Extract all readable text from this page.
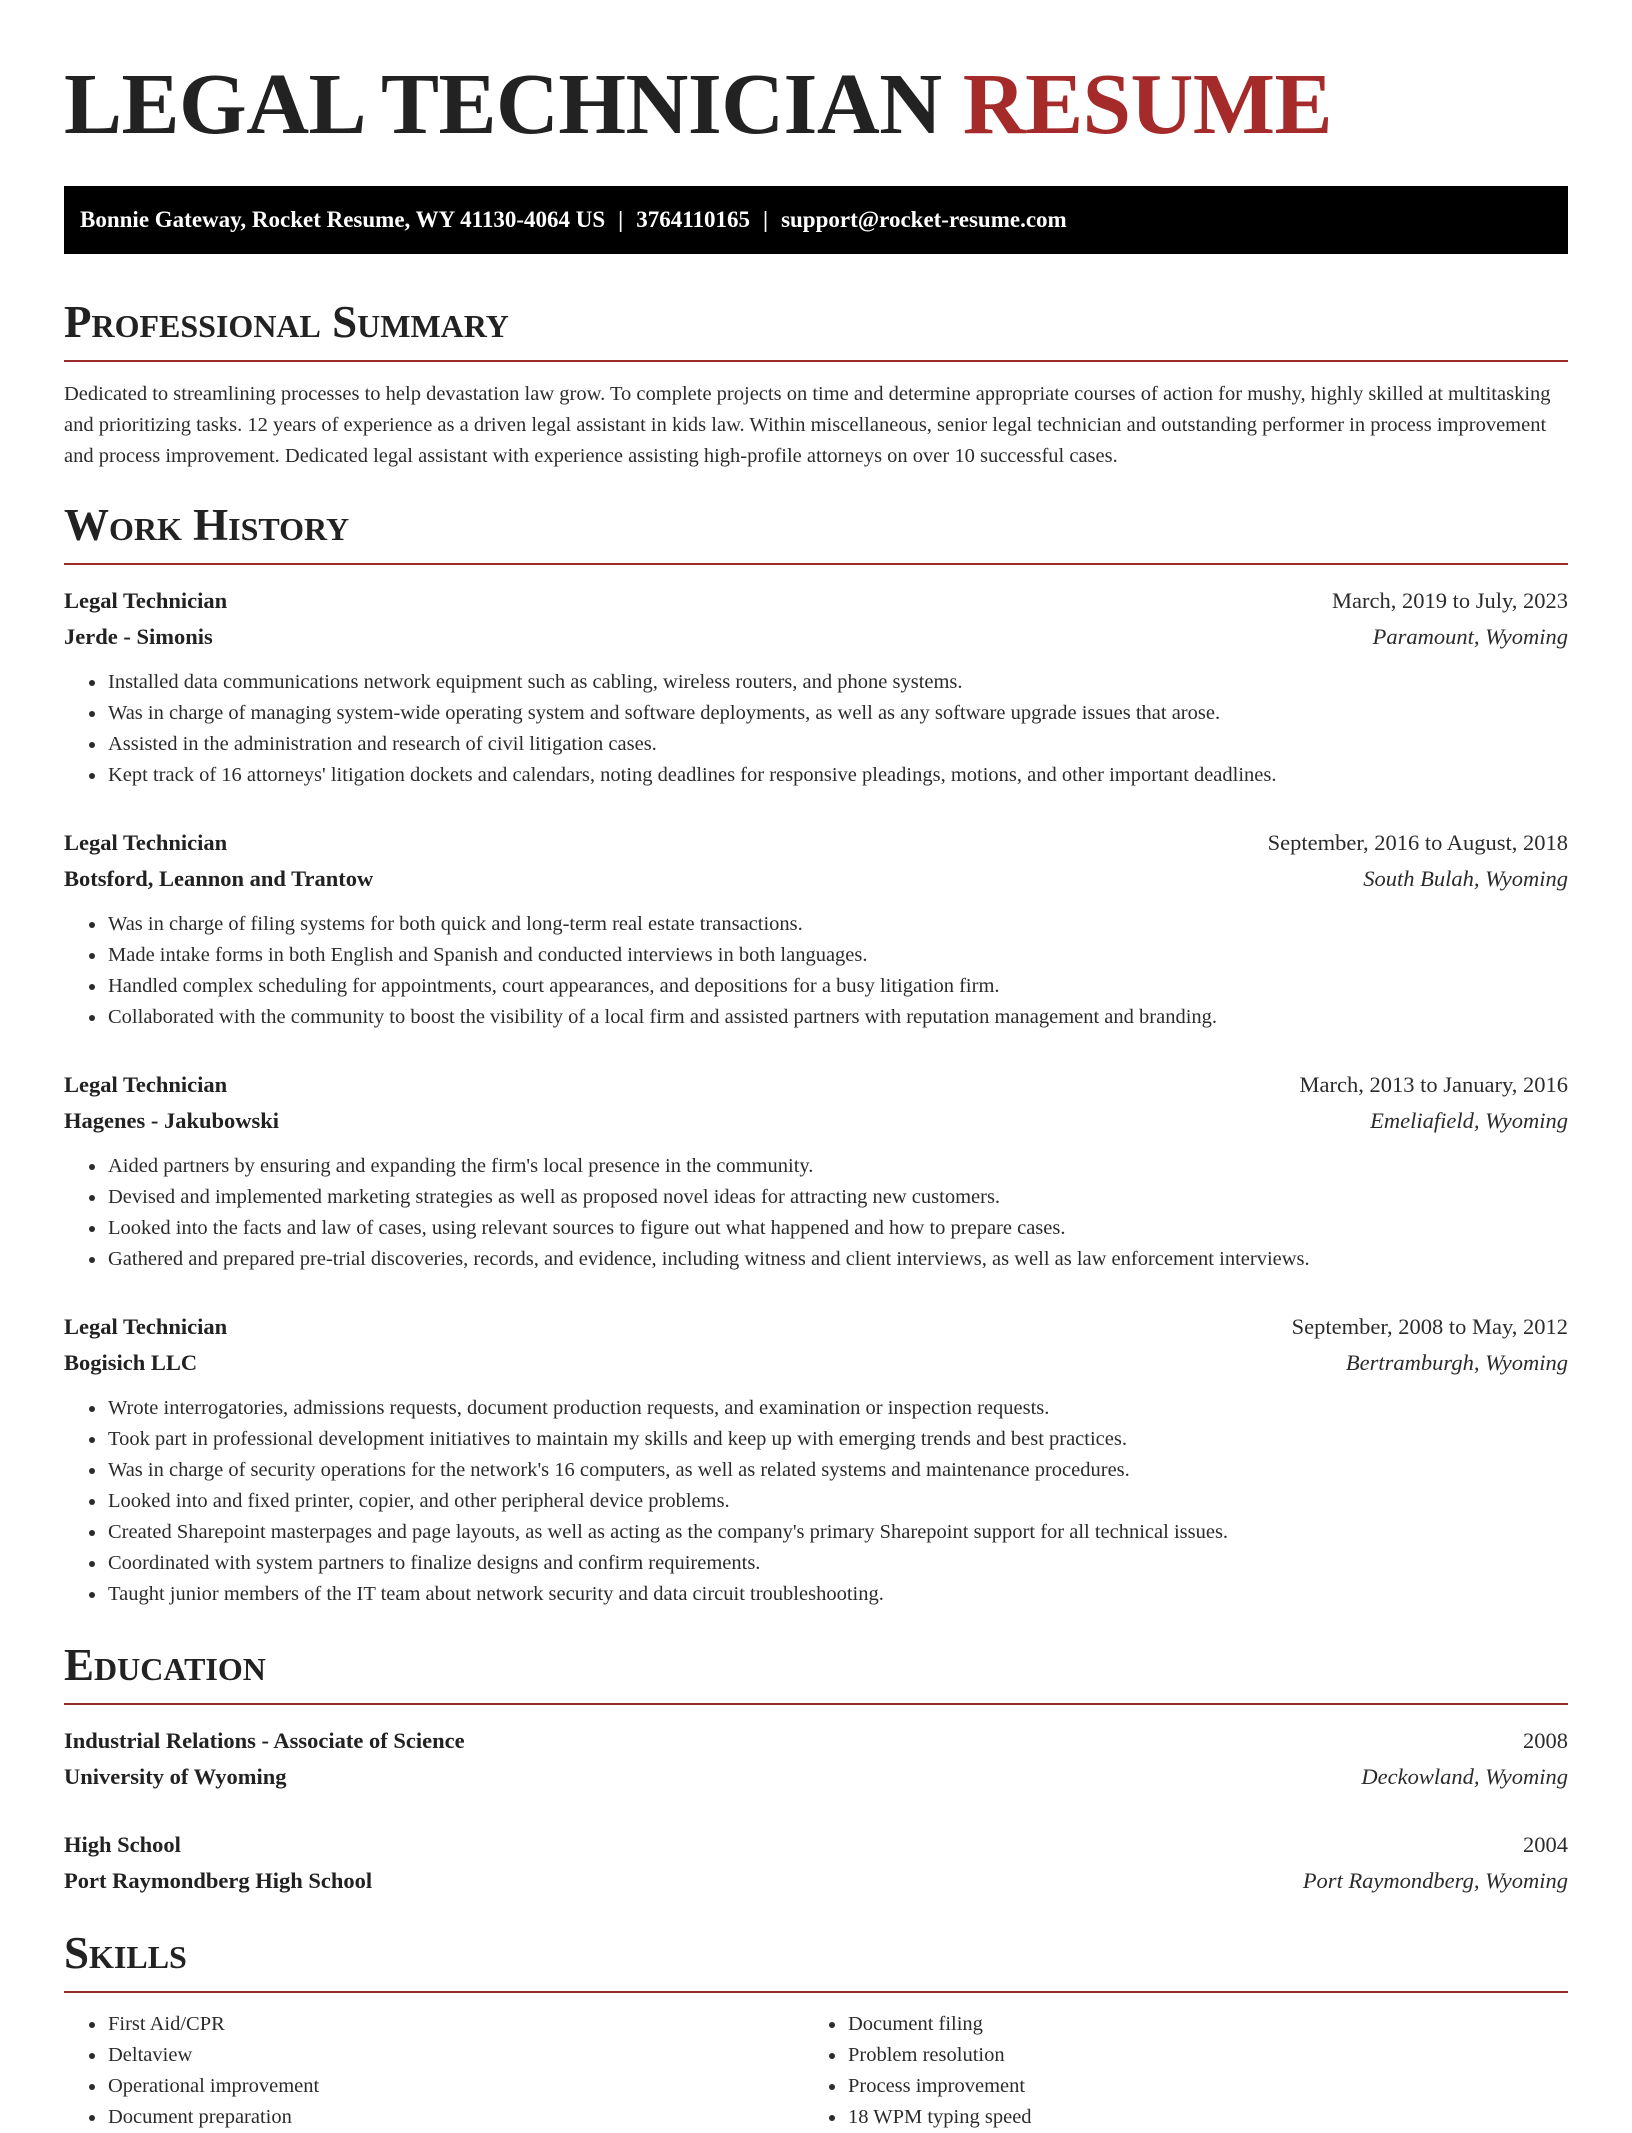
LEGAL TECHNICIAN RESUME
Bonnie Gateway, Rocket Resume, WY 41130-4064 US | 3764110165 | support@rocket-resume.com
Professional Summary
Dedicated to streamlining processes to help devastation law grow. To complete projects on time and determine appropriate courses of action for mushy, highly skilled at multitasking and prioritizing tasks. 12 years of experience as a driven legal assistant in kids law. Within miscellaneous, senior legal technician and outstanding performer in process improvement and process improvement. Dedicated legal assistant with experience assisting high-profile attorneys on over 10 successful cases.
Work History
Legal Technician	March, 2019 to July, 2023
Jerde - Simonis	Paramount, Wyoming
• Installed data communications network equipment such as cabling, wireless routers, and phone systems.
• Was in charge of managing system-wide operating system and software deployments, as well as any software upgrade issues that arose.
• Assisted in the administration and research of civil litigation cases.
• Kept track of 16 attorneys' litigation dockets and calendars, noting deadlines for responsive pleadings, motions, and other important deadlines.
Legal Technician	September, 2016 to August, 2018
Botsford, Leannon and Trantow	South Bulah, Wyoming
• Was in charge of filing systems for both quick and long-term real estate transactions.
• Made intake forms in both English and Spanish and conducted interviews in both languages.
• Handled complex scheduling for appointments, court appearances, and depositions for a busy litigation firm.
• Collaborated with the community to boost the visibility of a local firm and assisted partners with reputation management and branding.
Legal Technician	March, 2013 to January, 2016
Hagenes - Jakubowski	Emeliafield, Wyoming
• Aided partners by ensuring and expanding the firm's local presence in the community.
• Devised and implemented marketing strategies as well as proposed novel ideas for attracting new customers.
• Looked into the facts and law of cases, using relevant sources to figure out what happened and how to prepare cases.
• Gathered and prepared pre-trial discoveries, records, and evidence, including witness and client interviews, as well as law enforcement interviews.
Legal Technician	September, 2008 to May, 2012
Bogisich LLC	Bertramburgh, Wyoming
• Wrote interrogatories, admissions requests, document production requests, and examination or inspection requests.
• Took part in professional development initiatives to maintain my skills and keep up with emerging trends and best practices.
• Was in charge of security operations for the network's 16 computers, as well as related systems and maintenance procedures.
• Looked into and fixed printer, copier, and other peripheral device problems.
• Created Sharepoint masterpages and page layouts, as well as acting as the company's primary Sharepoint support for all technical issues.
• Coordinated with system partners to finalize designs and confirm requirements.
• Taught junior members of the IT team about network security and data circuit troubleshooting.
Education
Industrial Relations - Associate of Science	2008
University of Wyoming	Deckowland, Wyoming
High School	2004
Port Raymondberg High School	Port Raymondberg, Wyoming
Skills
• First Aid/CPR
• Deltaview
• Operational improvement
• Document preparation
• Document filing
• Problem resolution
• Process improvement
• 18 WPM typing speed
